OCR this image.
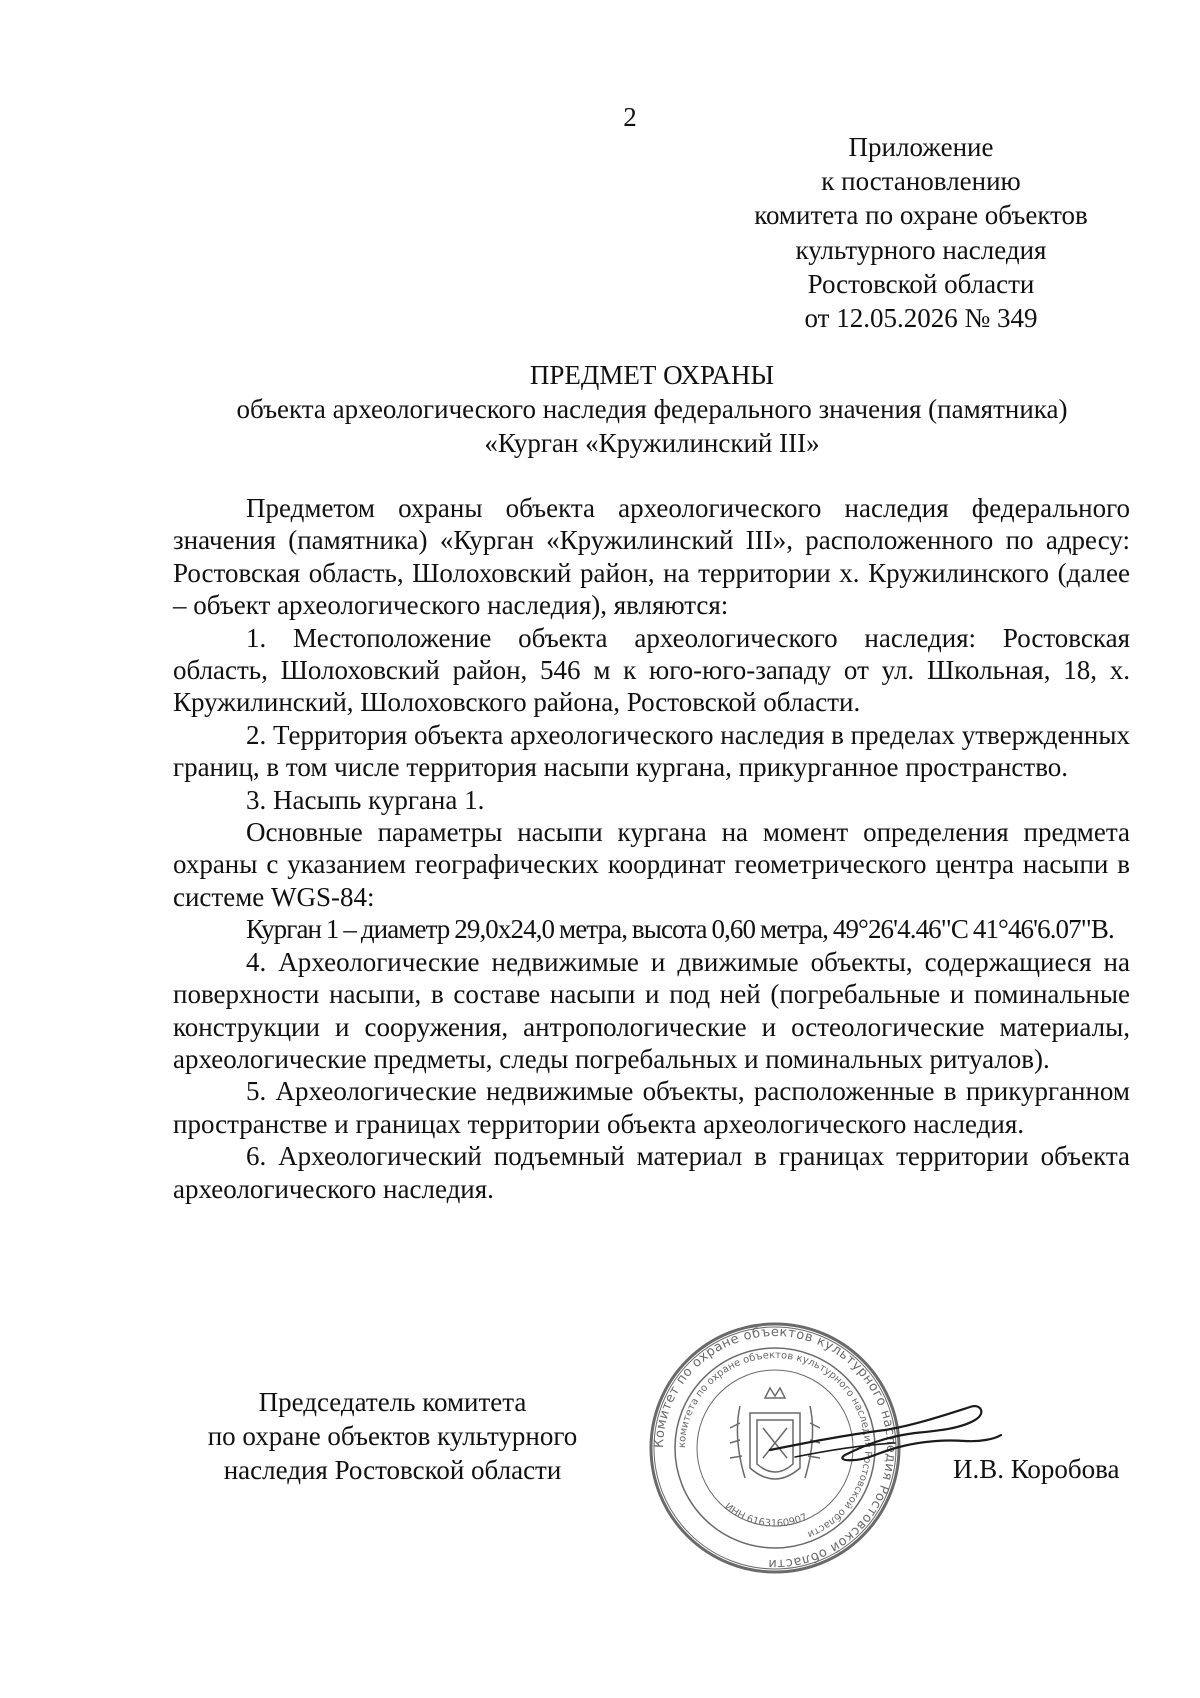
2
Приложение
к постановлению
комитета по охране объектов
культурного наследия
Ростовской области
от 12.05.2026 № 349
ПРЕДМЕТ ОХРАНЫ
объекта археологического наследия федерального значения (памятника)
«Курган «Кружилинский III»

Предметом охраны объекта археологического наследия федерального значения (памятника) «Курган «Кружилинский III», расположенного по адресу: Ростовская область, Шолоховский район, на территории х. Кружилинского (далее – объект археологического наследия), являются:

1. Местоположение объекта археологического наследия: Ростовская область, Шолоховский район, 546 м к юго-юго-западу от ул. Школьная, 18, х. Кружилинский, Шолоховского района, Ростовской области.

2. Территория объекта археологического наследия в пределах утвержденных границ, в том числе территория насыпи кургана, прикурганное пространство.

3. Насыпь кургана 1.

Основные параметры насыпи кургана на момент определения предмета охраны с указанием географических координат геометрического центра насыпи в системе WGS-84:

Курган 1 – диаметр 29,0х24,0 метра, высота 0,60 метра, 49°26'4.46"С 41°46'6.07"В.

4. Археологические недвижимые и движимые объекты, содержащиеся на поверхности насыпи, в составе насыпи и под ней (погребальные и поминальные конструкции и сооружения, антропологические и остеологические материалы, археологические предметы, следы погребальных и поминальных ритуалов).

5. Археологические недвижимые объекты, расположенные в прикурганном пространстве и границах территории объекта археологического наследия.

6. Археологический подъемный материал в границах территории объекта археологического наследия.

Председатель комитета
по охране объектов культурного
наследия Ростовской области
Комитет по охране объектов культурного наследия Ростовской области
комитета по охране объектов культурного наследия Ростовской области
ИНН 6163160907
И.В. Коробова
